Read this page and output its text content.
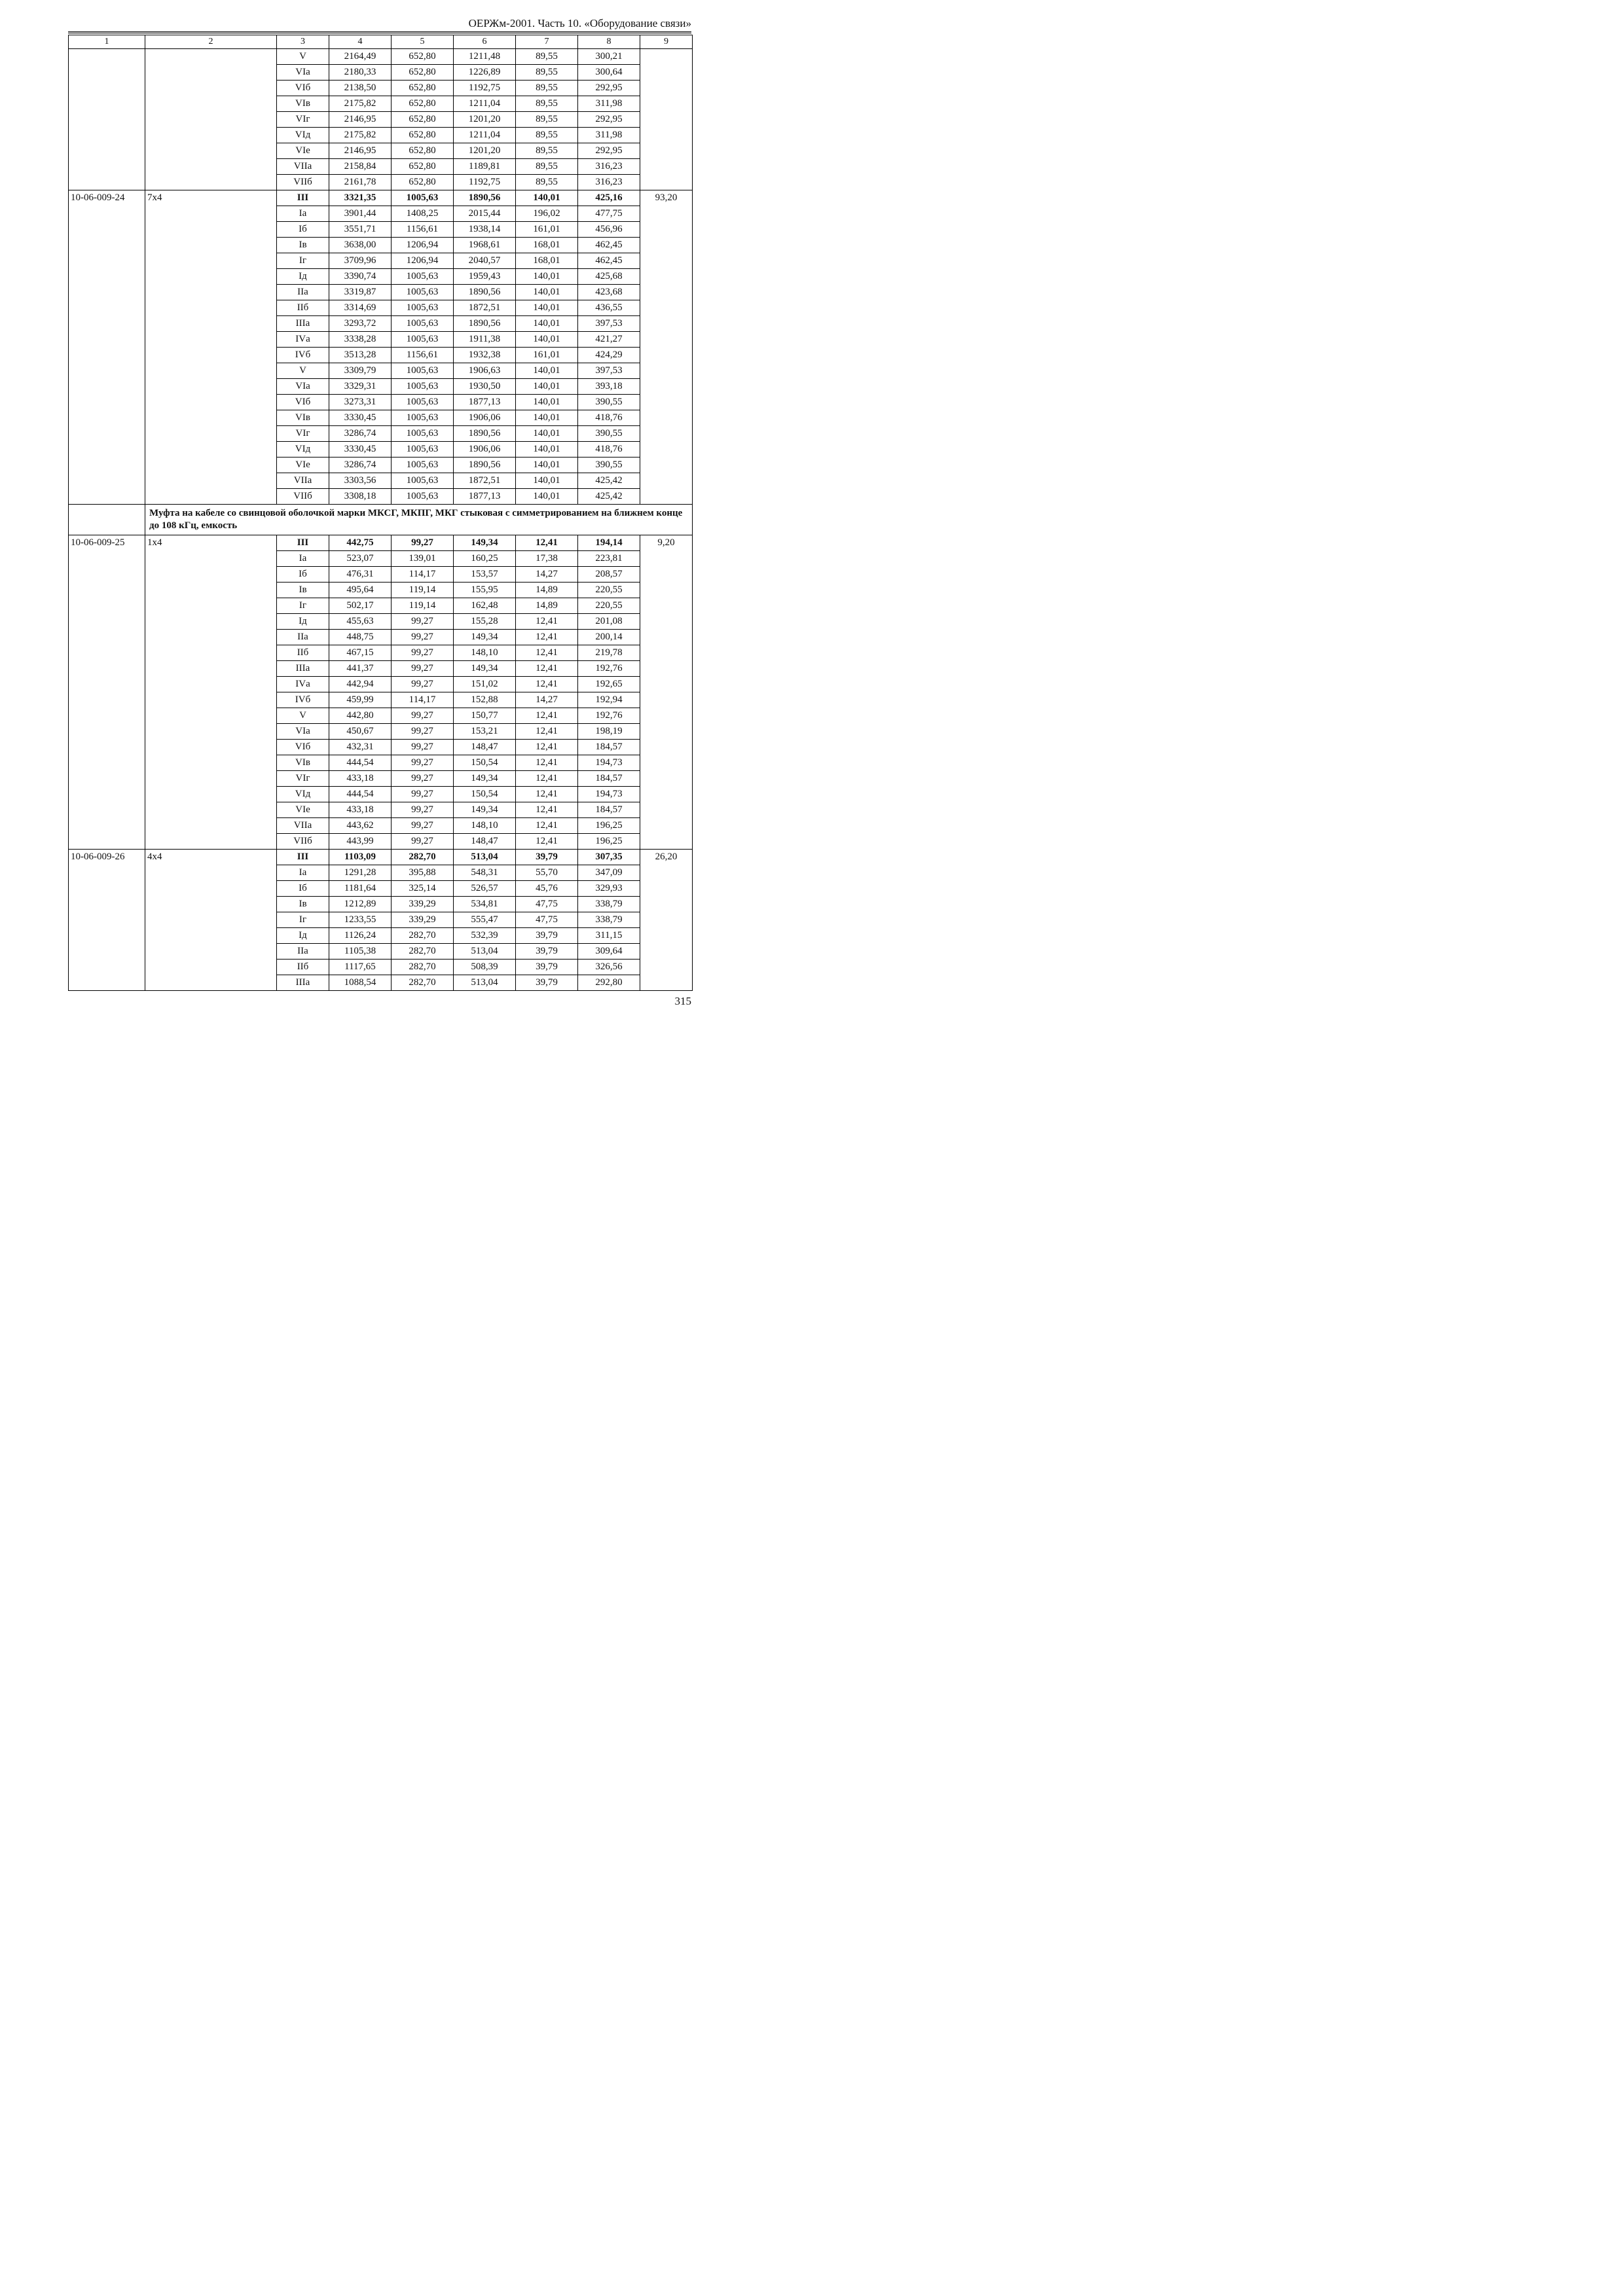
ОЕРЖм-2001. Часть 10. «Оборудование связи»
1	2	3	4	5	6	7	8	9
		V	2164,49	652,80	1211,48	89,55	300,21	
		VIа	2180,33	652,80	1226,89	89,55	300,64	
		VIб	2138,50	652,80	1192,75	89,55	292,95	
		VIв	2175,82	652,80	1211,04	89,55	311,98	
		VIг	2146,95	652,80	1201,20	89,55	292,95	
		VIд	2175,82	652,80	1211,04	89,55	311,98	
		VIе	2146,95	652,80	1201,20	89,55	292,95	
		VIIа	2158,84	652,80	1189,81	89,55	316,23	
		VIIб	2161,78	652,80	1192,75	89,55	316,23	
10-06-009-24	7х4	III	3321,35	1005,63	1890,56	140,01	425,16	93,20
		Iа	3901,44	1408,25	2015,44	196,02	477,75	
		Iб	3551,71	1156,61	1938,14	161,01	456,96	
		Iв	3638,00	1206,94	1968,61	168,01	462,45	
		Iг	3709,96	1206,94	2040,57	168,01	462,45	
		Iд	3390,74	1005,63	1959,43	140,01	425,68	
		IIа	3319,87	1005,63	1890,56	140,01	423,68	
		IIб	3314,69	1005,63	1872,51	140,01	436,55	
		IIIа	3293,72	1005,63	1890,56	140,01	397,53	
		IVа	3338,28	1005,63	1911,38	140,01	421,27	
		IVб	3513,28	1156,61	1932,38	161,01	424,29	
		V	3309,79	1005,63	1906,63	140,01	397,53	
		VIа	3329,31	1005,63	1930,50	140,01	393,18	
		VIб	3273,31	1005,63	1877,13	140,01	390,55	
		VIв	3330,45	1005,63	1906,06	140,01	418,76	
		VIг	3286,74	1005,63	1890,56	140,01	390,55	
		VIд	3330,45	1005,63	1906,06	140,01	418,76	
		VIе	3286,74	1005,63	1890,56	140,01	390,55	
		VIIа	3303,56	1005,63	1872,51	140,01	425,42	
		VIIб	3308,18	1005,63	1877,13	140,01	425,42	
	Муфта на кабеле со свинцовой оболочкой марки МКСГ, МКПГ, МКГ стыковая с симметрированием на ближнем конце до 108 кГц, емкость							
10-06-009-25	1х4	III	442,75	99,27	149,34	12,41	194,14	9,20
		Iа	523,07	139,01	160,25	17,38	223,81	
		Iб	476,31	114,17	153,57	14,27	208,57	
		Iв	495,64	119,14	155,95	14,89	220,55	
		Iг	502,17	119,14	162,48	14,89	220,55	
		Iд	455,63	99,27	155,28	12,41	201,08	
		IIа	448,75	99,27	149,34	12,41	200,14	
		IIб	467,15	99,27	148,10	12,41	219,78	
		IIIа	441,37	99,27	149,34	12,41	192,76	
		IVа	442,94	99,27	151,02	12,41	192,65	
		IVб	459,99	114,17	152,88	14,27	192,94	
		V	442,80	99,27	150,77	12,41	192,76	
		VIа	450,67	99,27	153,21	12,41	198,19	
		VIб	432,31	99,27	148,47	12,41	184,57	
		VIв	444,54	99,27	150,54	12,41	194,73	
		VIг	433,18	99,27	149,34	12,41	184,57	
		VIд	444,54	99,27	150,54	12,41	194,73	
		VIе	433,18	99,27	149,34	12,41	184,57	
		VIIа	443,62	99,27	148,10	12,41	196,25	
		VIIб	443,99	99,27	148,47	12,41	196,25	
10-06-009-26	4х4	III	1103,09	282,70	513,04	39,79	307,35	26,20
		Iа	1291,28	395,88	548,31	55,70	347,09	
		Iб	1181,64	325,14	526,57	45,76	329,93	
		Iв	1212,89	339,29	534,81	47,75	338,79	
		Iг	1233,55	339,29	555,47	47,75	338,79	
		Iд	1126,24	282,70	532,39	39,79	311,15	
		IIа	1105,38	282,70	513,04	39,79	309,64	
		IIб	1117,65	282,70	508,39	39,79	326,56	
		IIIа	1088,54	282,70	513,04	39,79	292,80	
315
